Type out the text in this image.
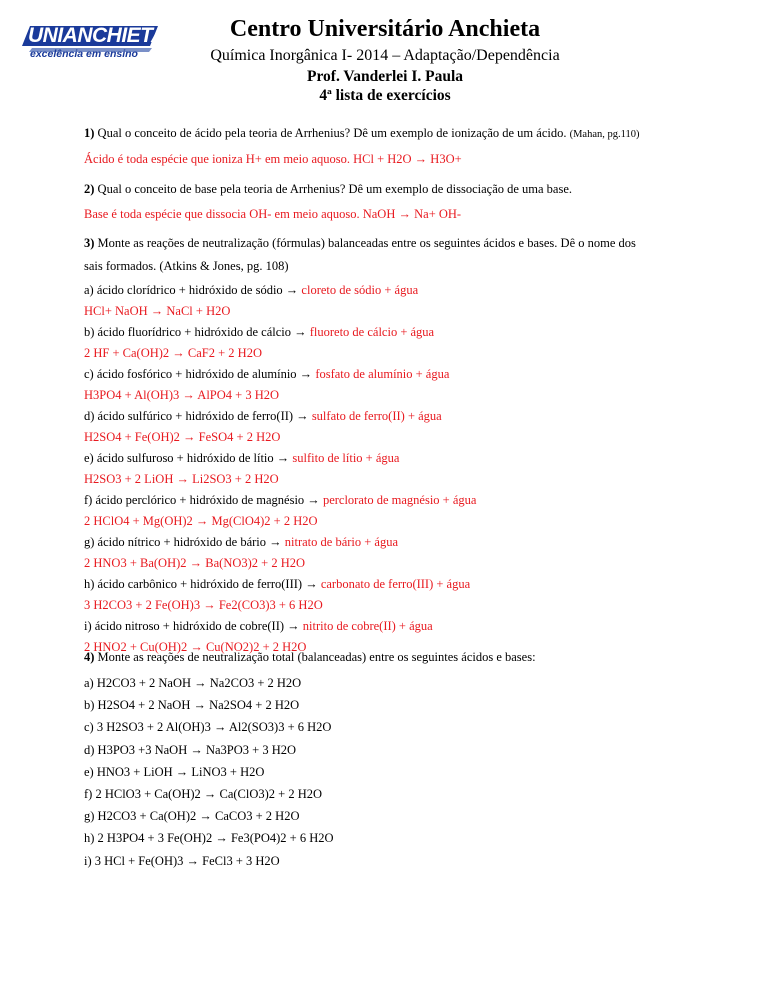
UNIANCHIETA
excelência em ensino
Centro Universitário Anchieta
Química Inorgânica I- 2014 – Adaptação/Dependência
Prof. Vanderlei I. Paula
4ª lista de exercícios
1) Qual o conceito de ácido pela teoria de Arrhenius? Dê um exemplo de ionização de um ácido. (Mahan, pg.110)
Ácido é toda espécie que ioniza H+ em meio aquoso. HCl + H2O → H3O+
2) Qual o conceito de base pela teoria de Arrhenius? Dê um exemplo de dissociação de uma base.
Base é toda espécie que dissocia OH- em meio aquoso. NaOH → Na+ OH-
3) Monte as reações de neutralização (fórmulas) balanceadas entre os seguintes ácidos e bases. Dê o nome dos
sais formados. (Atkins & Jones, pg. 108)
a) ácido clorídrico + hidróxido de sódio → cloreto de sódio + água
HCl+ NaOH → NaCl + H2O
b) ácido fluorídrico + hidróxido de cálcio → fluoreto de cálcio + água
2 HF + Ca(OH)2 → CaF2 + 2 H2O
c) ácido fosfórico + hidróxido de alumínio → fosfato de alumínio + água
H3PO4 + Al(OH)3 → AlPO4 + 3 H2O
d) ácido sulfúrico + hidróxido de ferro(II) → sulfato de ferro(II) + água
H2SO4 + Fe(OH)2 → FeSO4 + 2 H2O
e) ácido sulfuroso + hidróxido de lítio → sulfito de lítio + água
H2SO3 + 2 LiOH → Li2SO3 + 2 H2O
f) ácido perclórico + hidróxido de magnésio → perclorato de magnésio + água
2 HClO4 + Mg(OH)2 → Mg(ClO4)2 + 2 H2O
g) ácido nítrico + hidróxido de bário → nitrato de bário + água
2 HNO3 + Ba(OH)2 → Ba(NO3)2 + 2 H2O
h) ácido carbônico + hidróxido de ferro(III) → carbonato de ferro(III) + água
3 H2CO3 + 2 Fe(OH)3 → Fe2(CO3)3 + 6 H2O
i) ácido nitroso + hidróxido de cobre(II) → nitrito de cobre(II) + água
2 HNO2 + Cu(OH)2 → Cu(NO2)2 + 2 H2O
4) Monte as reações de neutralização total (balanceadas) entre os seguintes ácidos e bases:
a) H2CO3 + 2 NaOH → Na2CO3 + 2 H2O
b) H2SO4 + 2 NaOH → Na2SO4 + 2 H2O
c) 3 H2SO3 + 2 Al(OH)3 → Al2(SO3)3 + 6 H2O
d) H3PO3 +3 NaOH → Na3PO3 + 3 H2O
e) HNO3 + LiOH → LiNO3 + H2O
f) 2 HClO3 + Ca(OH)2 → Ca(ClO3)2 + 2 H2O
g) H2CO3 + Ca(OH)2 → CaCO3 + 2 H2O
h) 2 H3PO4 + 3 Fe(OH)2 → Fe3(PO4)2 + 6 H2O
i) 3 HCl + Fe(OH)3 → FeCl3 + 3 H2O
